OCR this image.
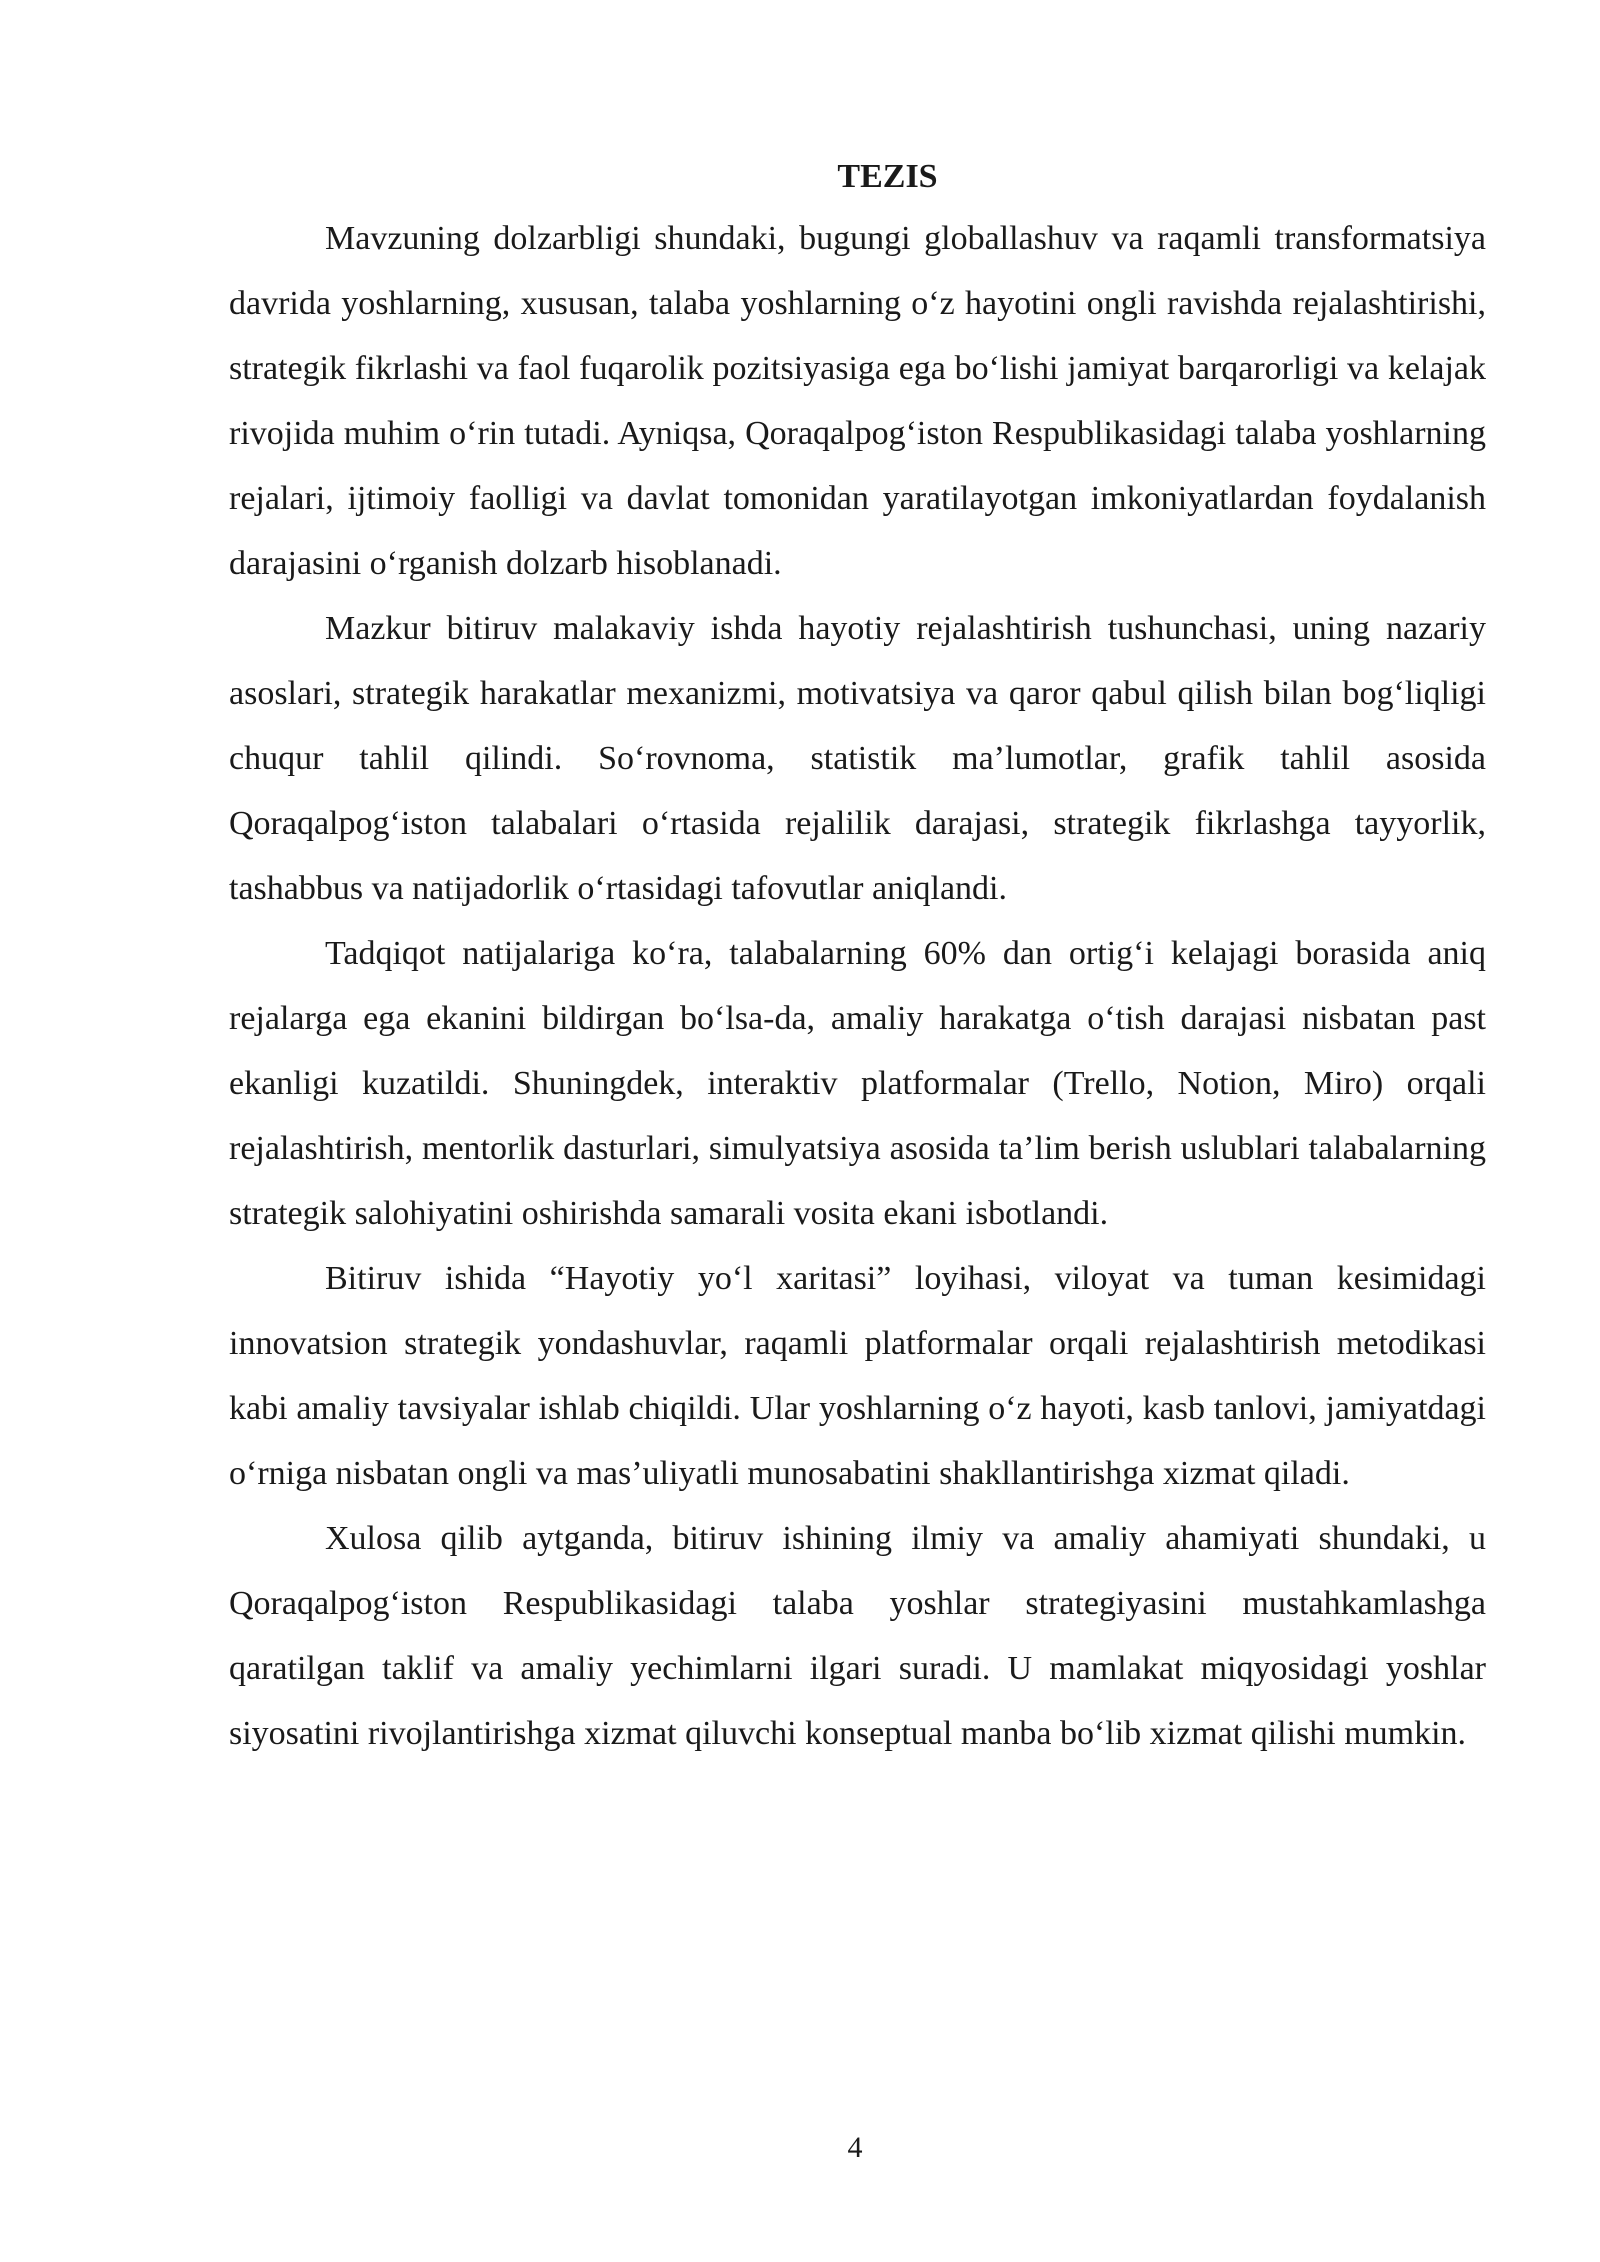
TEZIS

Mavzuning dolzarbligi shundaki, bugungi globallashuv va raqamli transformatsiya davrida yoshlarning, xususan, talaba yoshlarning o‘z hayotini ongli ravishda rejalashtirishi, strategik fikrlashi va faol fuqarolik pozitsiyasiga ega bo‘lishi jamiyat barqarorligi va kelajak rivojida muhim o‘rin tutadi. Ayniqsa, Qoraqalpog‘iston Respublikasidagi talaba yoshlarning rejalari, ijtimoiy faolligi va davlat tomonidan yaratilayotgan imkoniyatlardan foydalanish darajasini o‘rganish dolzarb hisoblanadi.

Mazkur bitiruv malakaviy ishda hayotiy rejalashtirish tushunchasi, uning nazariy asoslari, strategik harakatlar mexanizmi, motivatsiya va qaror qabul qilish bilan bog‘liqligi chuqur tahlil qilindi. So‘rovnoma, statistik ma’lumotlar, grafik tahlil asosida Qoraqalpog‘iston talabalari o‘rtasida rejalilik darajasi, strategik fikrlashga tayyorlik, tashabbus va natijadorlik o‘rtasidagi tafovutlar aniqlandi.

Tadqiqot natijalariga ko‘ra, talabalarning 60% dan ortig‘i kelajagi borasida aniq rejalarga ega ekanini bildirgan bo‘lsa-da, amaliy harakatga o‘tish darajasi nisbatan past ekanligi kuzatildi. Shuningdek, interaktiv platformalar (Trello, Notion, Miro) orqali rejalashtirish, mentorlik dasturlari, simulyatsiya asosida ta’lim berish uslublari talabalarning strategik salohiyatini oshirishda samarali vosita ekani isbotlandi.

Bitiruv ishida “Hayotiy yo‘l xaritasi” loyihasi, viloyat va tuman kesimidagi innovatsion strategik yondashuvlar, raqamli platformalar orqali rejalashtirish metodikasi kabi amaliy tavsiyalar ishlab chiqildi. Ular yoshlarning o‘z hayoti, kasb tanlovi, jamiyatdagi o‘rniga nisbatan ongli va mas’uliyatli munosabatini shakllantirishga xizmat qiladi.

Xulosa qilib aytganda, bitiruv ishining ilmiy va amaliy ahamiyati shundaki, u Qoraqalpog‘iston Respublikasidagi talaba yoshlar strategiyasini mustahkamlashga qaratilgan taklif va amaliy yechimlarni ilgari suradi. U mamlakat miqyosidagi yoshlar siyosatini rivojlantirishga xizmat qiluvchi konseptual manba bo‘lib xizmat qilishi mumkin.

4
